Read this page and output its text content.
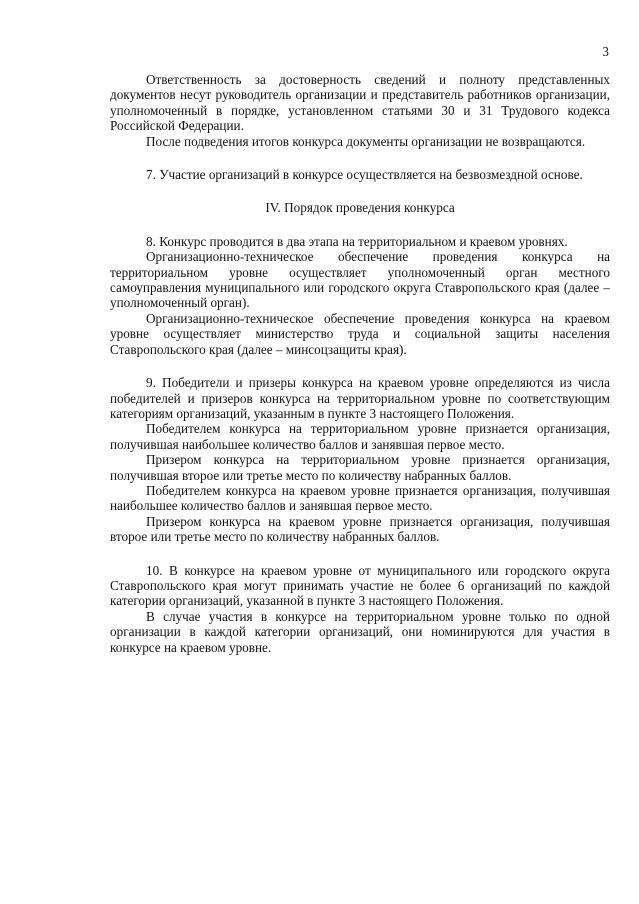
3

Ответственность за достоверность сведений и полноту представленных документов несут руководитель организации и представитель работников организации, уполномоченный в порядке, установленном статьями 30 и 31 Трудового кодекса Российской Федерации.

После подведения итогов конкурса документы организации не возвращаются.

7. Участие организаций в конкурсе осуществляется на безвозмездной основе.

IV. Порядок проведения конкурса

8. Конкурс проводится в два этапа на территориальном и краевом уровнях.

Организационно-техническое обеспечение проведения конкурса на территориальном уровне осуществляет уполномоченный орган местного самоуправления муниципального или городского округа Ставропольского края (далее – уполномоченный орган).

Организационно-техническое обеспечение проведения конкурса на краевом уровне осуществляет министерство труда и социальной защиты населения Ставропольского края (далее – минсоцзащиты края).

9. Победители и призеры конкурса на краевом уровне определяются из числа победителей и призеров конкурса на территориальном уровне по соответствующим категориям организаций, указанным в пункте 3 настоящего Положения.

Победителем конкурса на территориальном уровне признается организация, получившая наибольшее количество баллов и занявшая первое место.

Призером конкурса на территориальном уровне признается организация, получившая второе или третье место по количеству набранных баллов.

Победителем конкурса на краевом уровне признается организация, получившая наибольшее количество баллов и занявшая первое место.

Призером конкурса на краевом уровне признается организация, получившая второе или третье место по количеству набранных баллов.

10. В конкурсе на краевом уровне от муниципального или городского округа Ставропольского края могут принимать участие не более 6 организаций по каждой категории организаций, указанной в пункте 3 настоящего Положения.

В случае участия в конкурсе на территориальном уровне только по одной организации в каждой категории организаций, они номинируются для участия в конкурсе на краевом уровне.
